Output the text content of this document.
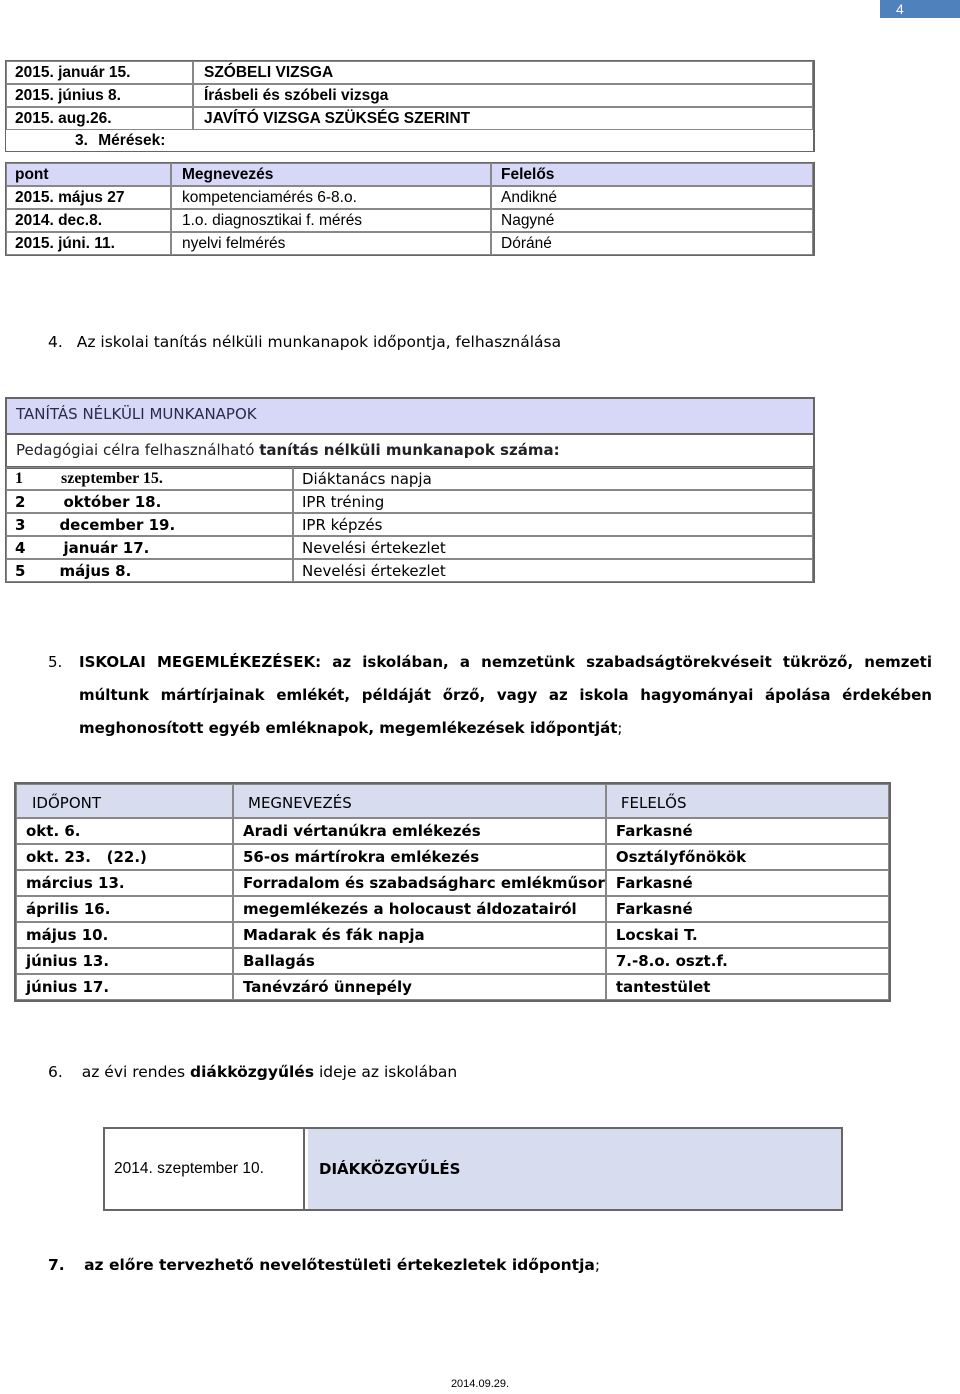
4
2015. január 15.	SZÓBELI VIZSGA
2015. június 8.	Írásbeli és szóbeli vizsga
2015. aug.26.	JAVÍTÓ VIZSGA SZÜKSÉG SZERINT
3. Mérések:	
pont	Megnevezés	Felelős
2015. május 27	kompetenciamérés 6-8.o.	Andikné
2014. dec.8.	1.o. diagnosztikai f. mérés	Nagyné
2015. júni. 11.	nyelvi felmérés	Dóráné
4. Az iskolai tanítás nélküli munkanapok időpontja, felhasználása
TANÍTÁS NÉLKÜLI MUNKANAPOK
Pedagógiai célra felhasználható tanítás nélküli munkanapok száma:
1 szeptember 15.	Diáktanács napja
2 október 18.	IPR tréning
3 december 19.	IPR képzés
4 január 17.	Nevelési értekezlet
5 május 8.	Nevelési értekezlet
5. ISKOLAI MEGEMLÉKEZÉSEK: az iskolában, a nemzetünk szabadságtörekvéseit tükröző, nemzeti múltunk mártírjainak emlékét, példáját őrző, vagy az iskola hagyományai ápolása érdekében meghonosított egyéb emléknapok, megemlékezések időpontját;
IDŐPONT	MEGNEVEZÉS	FELELŐS
okt. 6.	Aradi vértanúkra emlékezés	Farkasné
okt. 23.   (22.)	56-os mártírokra emlékezés	Osztályfőnökök
március 13.	Forradalom és szabadságharc emlékműsor	Farkasné
április 16.	megemlékezés a holocaust áldozatairól	Farkasné
május 10.	Madarak és fák napja	Locskai T.
június 13.	Ballagás	7.-8.o. oszt.f.
június 17.	Tanévzáró ünnepély	tantestület
6. az évi rendes diákközgyűlés ideje az iskolában
2014. szeptember 10.	DIÁKKÖZGYŰLÉS
7. az előre tervezhető nevelőtestületi értekezletek időpontja;
2014.09.29.
